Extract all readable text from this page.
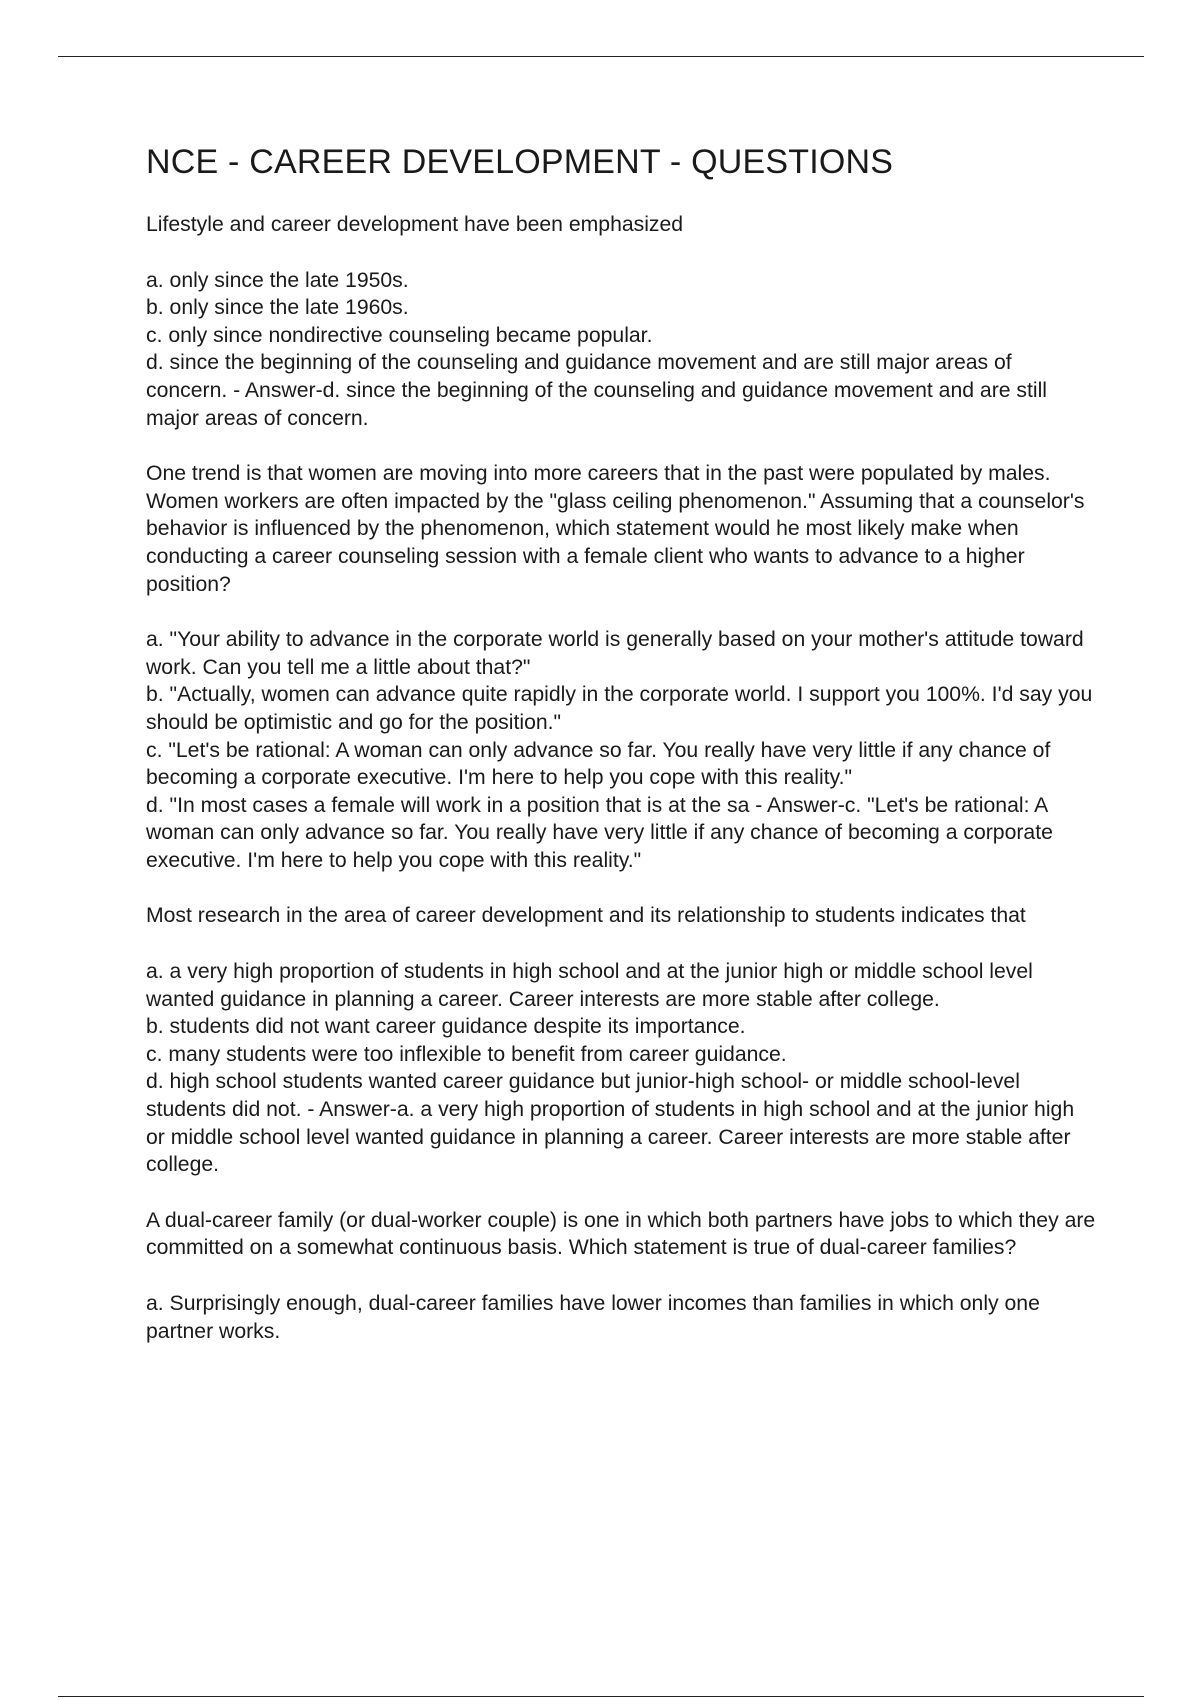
NCE - CAREER DEVELOPMENT - QUESTIONS

Lifestyle and career development have been emphasized

a. only since the late 1950s.
b. only since the late 1960s.
c. only since nondirective counseling became popular.
d. since the beginning of the counseling and guidance movement and are still major areas of concern. - Answer-d. since the beginning of the counseling and guidance movement and are still major areas of concern.

One trend is that women are moving into more careers that in the past were populated by males. Women workers are often impacted by the "glass ceiling phenomenon." Assuming that a counselor's behavior is influenced by the phenomenon, which statement would he most likely make when conducting a career counseling session with a female client who wants to advance to a higher position?

a. "Your ability to advance in the corporate world is generally based on your mother's attitude toward work. Can you tell me a little about that?"
b. "Actually, women can advance quite rapidly in the corporate world. I support you 100%. I'd say you should be optimistic and go for the position."
c. "Let's be rational: A woman can only advance so far. You really have very little if any chance of becoming a corporate executive. I'm here to help you cope with this reality."
d. "In most cases a female will work in a position that is at the sa - Answer-c. "Let's be rational: A woman can only advance so far. You really have very little if any chance of becoming a corporate executive. I'm here to help you cope with this reality."

Most research in the area of career development and its relationship to students indicates that

a. a very high proportion of students in high school and at the junior high or middle school level wanted guidance in planning a career. Career interests are more stable after college.
b. students did not want career guidance despite its importance.
c. many students were too inflexible to benefit from career guidance.
d. high school students wanted career guidance but junior-high school- or middle school-level students did not. - Answer-a. a very high proportion of students in high school and at the junior high or middle school level wanted guidance in planning a career. Career interests are more stable after college.

A dual-career family (or dual-worker couple) is one in which both partners have jobs to which they are committed on a somewhat continuous basis. Which statement is true of dual-career families?

a. Surprisingly enough, dual-career families have lower incomes than families in which only one partner works.
